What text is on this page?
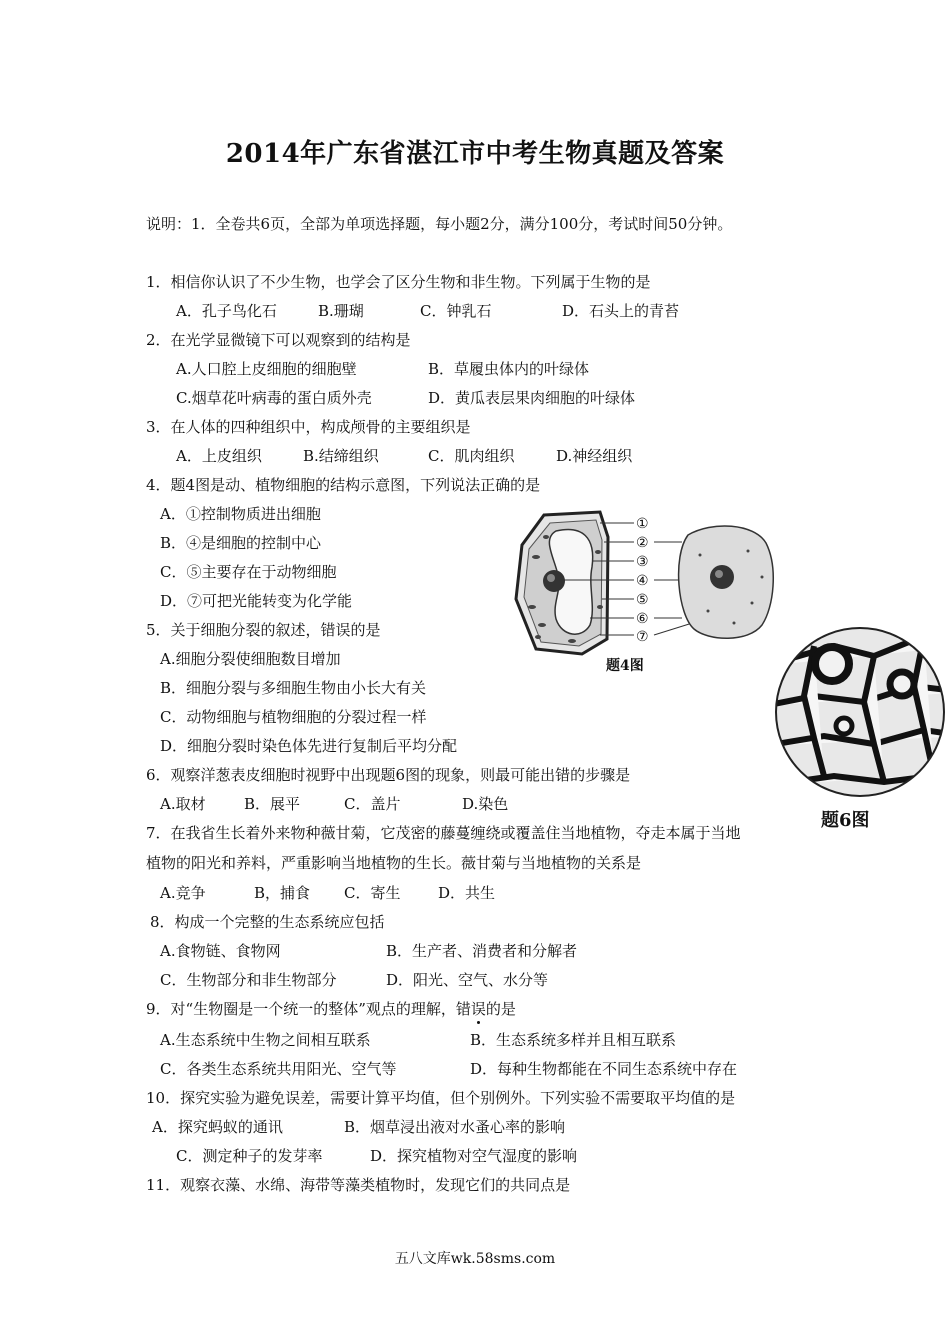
2014年广东省湛江市中考生物真题及答案
说明：1．全卷共6页，全部为单项选择题，每小题2分，满分100分，考试时间50分钟。
1．相信你认识了不少生物，也学会了区分生物和非生物。下列属于生物的是
A．孔子鸟化石	B.珊瑚	C．钟乳石	D．石头上的青苔
2．在光学显微镜下可以观察到的结构是
A.人口腔上皮细胞的细胞壁	B．草履虫体内的叶绿体
C.烟草花叶病毒的蛋白质外壳	D．黄瓜表层果肉细胞的叶绿体
3．在人体的四种组织中，构成颅骨的主要组织是
A．上皮组织	B.结缔组织	C．肌肉组织	D.神经组织
4．题4图是动、植物细胞的结构示意图，下列说法正确的是
A．①控制物质进出细胞
B．④是细胞的控制中心
C．⑤主要存在于动物细胞
D．⑦可把光能转变为化学能
5．关于细胞分裂的叙述，错误的是
A.细胞分裂使细胞数目增加
B．细胞分裂与多细胞生物由小长大有关
C．动物细胞与植物细胞的分裂过程一样
D．细胞分裂时染色体先进行复制后平均分配
6．观察洋葱表皮细胞时视野中出现题6图的现象，则最可能出错的步骤是
A.取材	B．展平	C．盖片	D.染色
7．在我省生长着外来物种薇甘菊，它茂密的藤蔓缠绕或覆盖住当地植物，夺走本属于当地
植物的阳光和养料，严重影响当地植物的生长。薇甘菊与当地植物的关系是
A.竞争	B，捕食 C．寄生	D．共生
8．构成一个完整的生态系统应包括
A.食物链、食物网	B．生产者、消费者和分解者
C．生物部分和非生物部分	D．阳光、空气、水分等
9．对“生物圈是一个统一的整体”观点的理解，错误的是
A.生态系统中生物之间相互联系	B．生态系统多样并且相互联系
C．各类生态系统共用阳光、空气等	D．每种生物都能在不同生态系统中存在
10．探究实验为避免误差，需要计算平均值，但个别例外。下列实验不需要取平均值的是
A．探究蚂蚁的通讯	B．烟草浸出液对水蚤心率的影响
C．测定种子的发芽率	D．探究植物对空气湿度的影响
11．观察衣藻、水绵、海带等藻类植物时，发现它们的共同点是
①
②
③
④
⑤
⑥
⑦
题4图
题6图
五八文库wk.58sms.com
